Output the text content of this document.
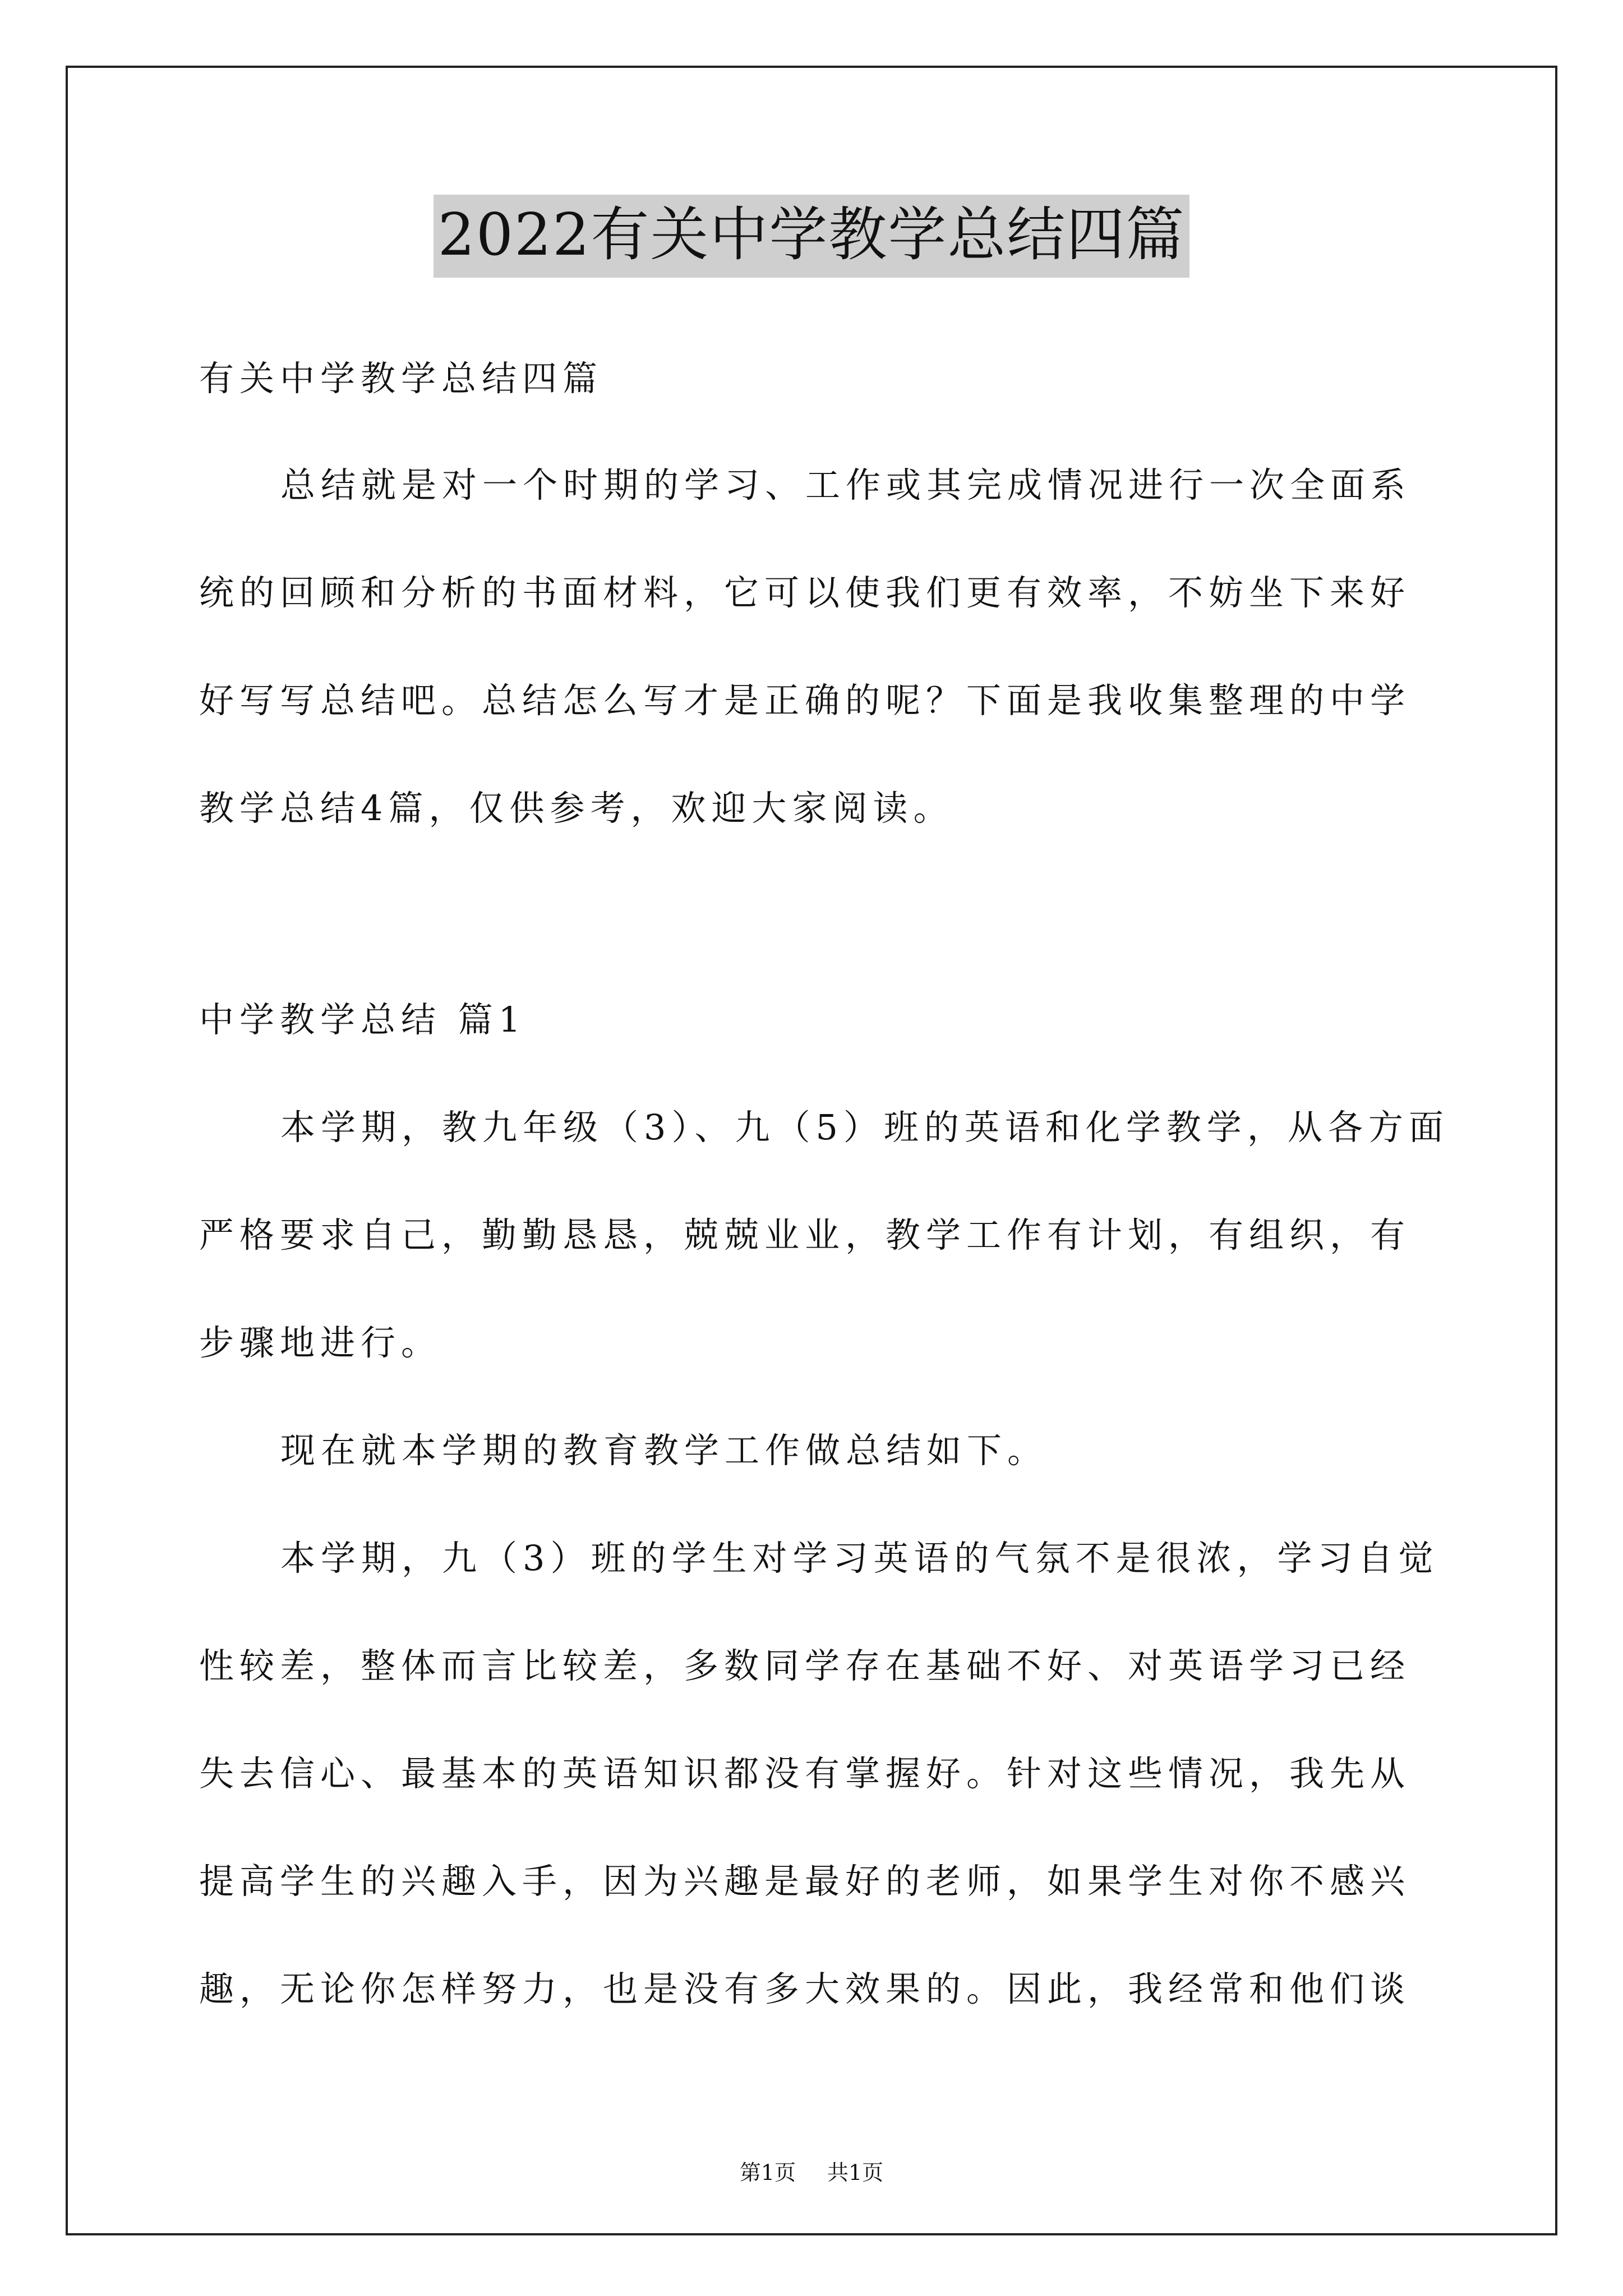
2022有关中学教学总结四篇
有关中学教学总结四篇
总结就是对一个时期的学习、工作或其完成情况进行一次全面系
统的回顾和分析的书面材料，它可以使我们更有效率，不妨坐下来好
好写写总结吧。总结怎么写才是正确的呢？下面是我收集整理的中学
教学总结4篇，仅供参考，欢迎大家阅读。
中学教学总结 篇1
本学期，教九年级（3）、九（5）班的英语和化学教学，从各方面
严格要求自己，勤勤恳恳，兢兢业业，教学工作有计划，有组织，有
步骤地进行。
现在就本学期的教育教学工作做总结如下。
本学期，九（3）班的学生对学习英语的气氛不是很浓，学习自觉
性较差，整体而言比较差，多数同学存在基础不好、对英语学习已经
失去信心、最基本的英语知识都没有掌握好。针对这些情况，我先从
提高学生的兴趣入手，因为兴趣是最好的老师，如果学生对你不感兴
趣，无论你怎样努力，也是没有多大效果的。因此，我经常和他们谈
第1页 共1页
